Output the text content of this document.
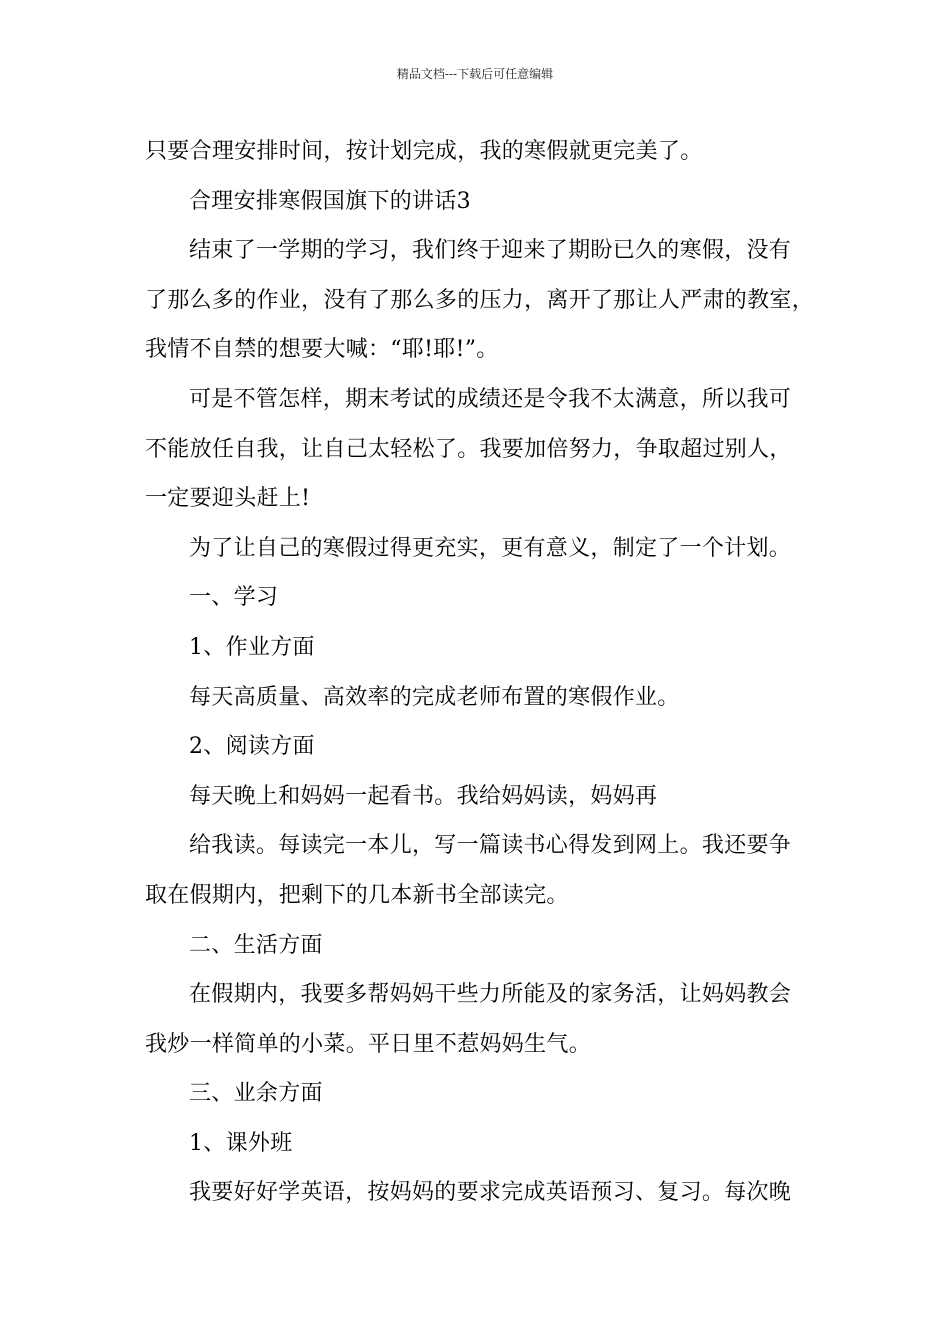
精品文档---下载后可任意编辑
只要合理安排时间，按计划完成，我的寒假就更完美了。
合理安排寒假国旗下的讲话3
结束了一学期的学习，我们终于迎来了期盼已久的寒假，没有
了那么多的作业，没有了那么多的压力，离开了那让人严肃的教室，
我情不自禁的想要大喊：“耶!耶!”。
可是不管怎样，期末考试的成绩还是令我不太满意，所以我可
不能放任自我，让自己太轻松了。我要加倍努力，争取超过别人，
一定要迎头赶上!
为了让自己的寒假过得更充实，更有意义，制定了一个计划。
一、学习
1、作业方面
每天高质量、高效率的完成老师布置的寒假作业。
2、阅读方面
每天晚上和妈妈一起看书。我给妈妈读，妈妈再
给我读。每读完一本儿，写一篇读书心得发到网上。我还要争
取在假期内，把剩下的几本新书全部读完。
二、生活方面
在假期内，我要多帮妈妈干些力所能及的家务活，让妈妈教会
我炒一样简单的小菜。平日里不惹妈妈生气。
三、业余方面
1、课外班
我要好好学英语，按妈妈的要求完成英语预习、复习。每次晚
